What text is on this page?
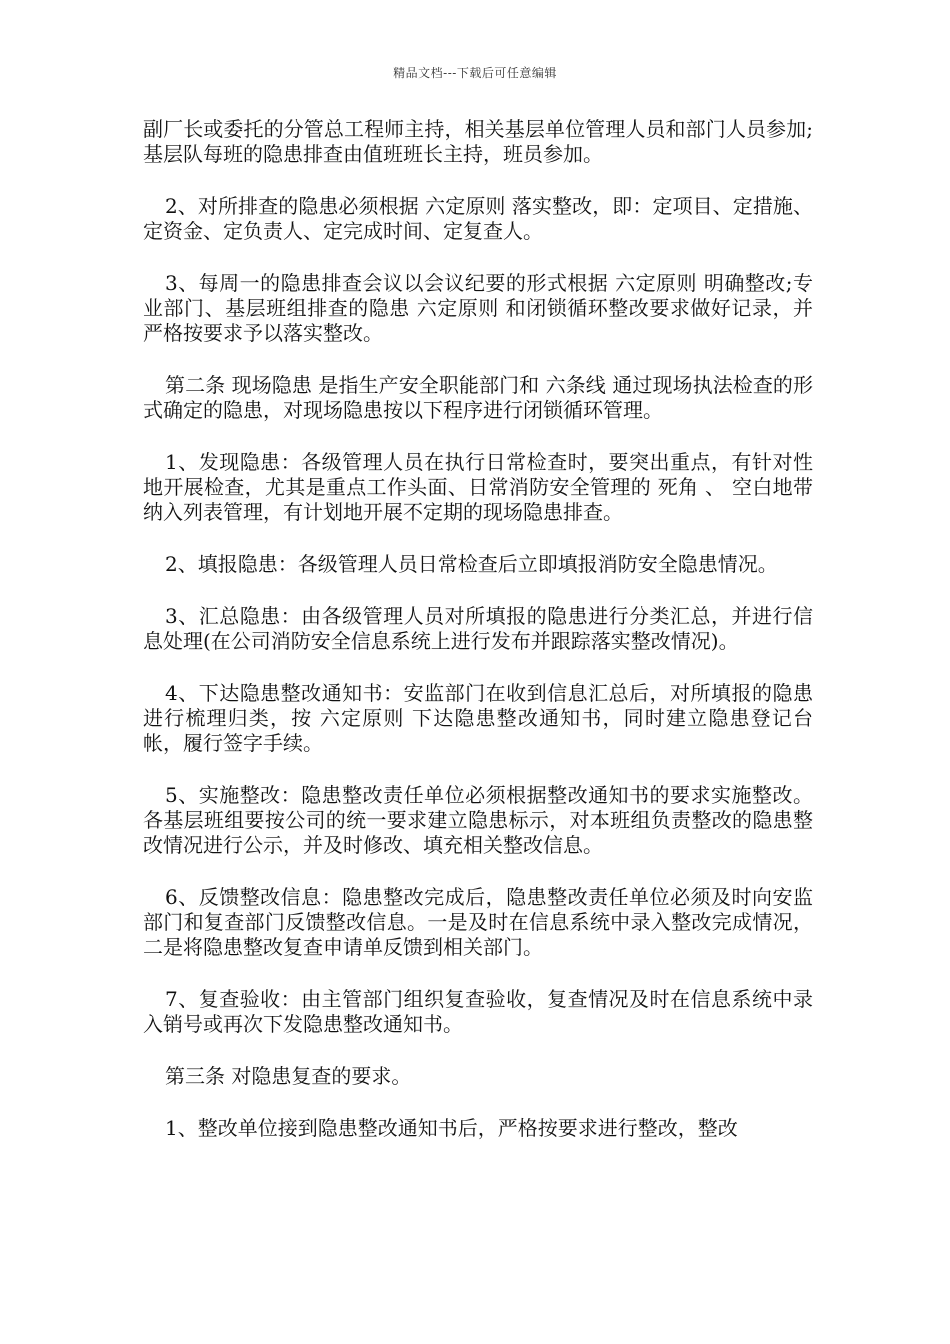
精品文档---下载后可任意编辑

副厂长或委托的分管总工程师主持，相关基层单位管理人员和部门人员参加;基层队每班的隐患排查由值班班长主持，班员参加。

2、对所排查的隐患必须根据 六定原则 落实整改，即：定项目、定措施、定资金、定负责人、定完成时间、定复查人。

3、每周一的隐患排查会议以会议纪要的形式根据 六定原则 明确整改;专业部门、基层班组排查的隐患 六定原则 和闭锁循环整改要求做好记录，并严格按要求予以落实整改。

第二条 现场隐患 是指生产安全职能部门和 六条线 通过现场执法检查的形式确定的隐患，对现场隐患按以下程序进行闭锁循环管理。

1、发现隐患：各级管理人员在执行日常检查时，要突出重点，有针对性地开展检查，尤其是重点工作头面、日常消防安全管理的 死角 、 空白地带 纳入列表管理，有计划地开展不定期的现场隐患排查。

2、填报隐患：各级管理人员日常检查后立即填报消防安全隐患情况。

3、汇总隐患：由各级管理人员对所填报的隐患进行分类汇总，并进行信息处理(在公司消防安全信息系统上进行发布并跟踪落实整改情况)。

4、下达隐患整改通知书：安监部门在收到信息汇总后，对所填报的隐患进行梳理归类，按 六定原则 下达隐患整改通知书，同时建立隐患登记台帐，履行签字手续。

5、实施整改：隐患整改责任单位必须根据整改通知书的要求实施整改。各基层班组要按公司的统一要求建立隐患标示，对本班组负责整改的隐患整改情况进行公示，并及时修改、填充相关整改信息。

6、反馈整改信息：隐患整改完成后，隐患整改责任单位必须及时向安监部门和复查部门反馈整改信息。一是及时在信息系统中录入整改完成情况，二是将隐患整改复查申请单反馈到相关部门。

7、复查验收：由主管部门组织复查验收，复查情况及时在信息系统中录入销号或再次下发隐患整改通知书。

第三条 对隐患复查的要求。

1、整改单位接到隐患整改通知书后，严格按要求进行整改，整改
